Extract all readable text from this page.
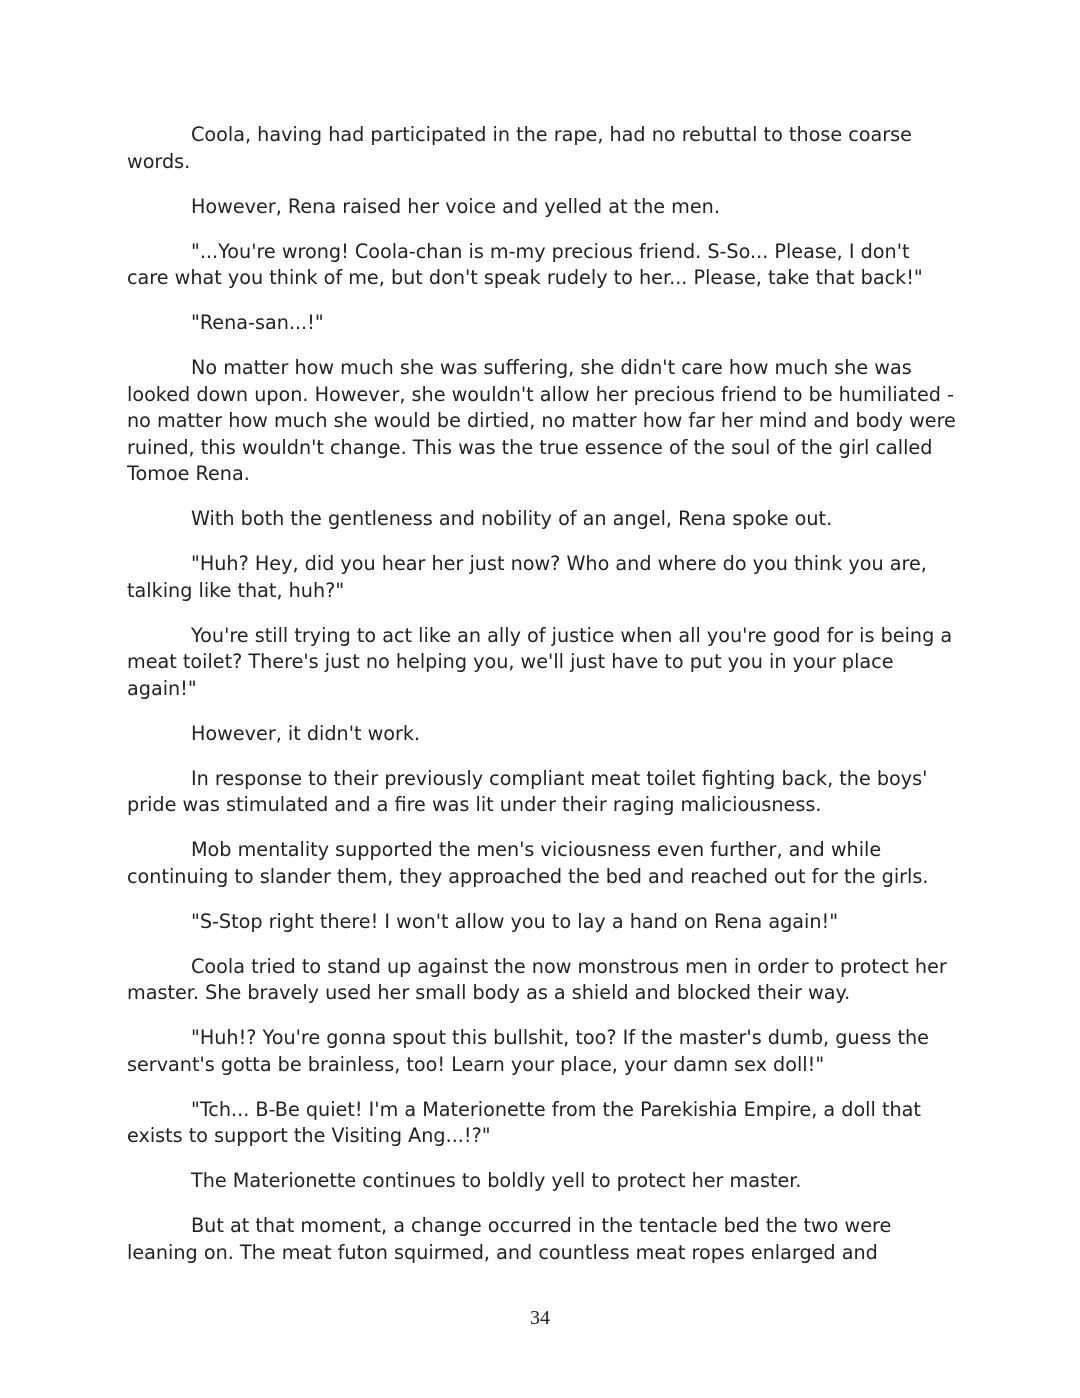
Coola, having had participated in the rape, had no rebuttal to those coarse words.

However, Rena raised her voice and yelled at the men.

"...You're wrong! Coola-chan is m-my precious friend. S-So... Please, I don't care what you think of me, but don't speak rudely to her... Please, take that back!"

"Rena-san...!"

No matter how much she was suffering, she didn't care how much she was looked down upon. However, she wouldn't allow her precious friend to be humiliated - no matter how much she would be dirtied, no matter how far her mind and body were ruined, this wouldn't change. This was the true essence of the soul of the girl called Tomoe Rena.

With both the gentleness and nobility of an angel, Rena spoke out.

"Huh? Hey, did you hear her just now? Who and where do you think you are, talking like that, huh?"

You're still trying to act like an ally of justice when all you're good for is being a meat toilet? There's just no helping you, we'll just have to put you in your place again!"

However, it didn't work.

In response to their previously compliant meat toilet fighting back, the boys' pride was stimulated and a fire was lit under their raging maliciousness.

Mob mentality supported the men's viciousness even further, and while continuing to slander them, they approached the bed and reached out for the girls.

"S-Stop right there! I won't allow you to lay a hand on Rena again!"

Coola tried to stand up against the now monstrous men in order to protect her master. She bravely used her small body as a shield and blocked their way.

"Huh!? You're gonna spout this bullshit, too? If the master's dumb, guess the servant's gotta be brainless, too! Learn your place, your damn sex doll!"

"Tch... B-Be quiet! I'm a Materionette from the Parekishia Empire, a doll that exists to support the Visiting Ang...!?"

The Materionette continues to boldly yell to protect her master.

But at that moment, a change occurred in the tentacle bed the two were leaning on. The meat futon squirmed, and countless meat ropes enlarged and

34
